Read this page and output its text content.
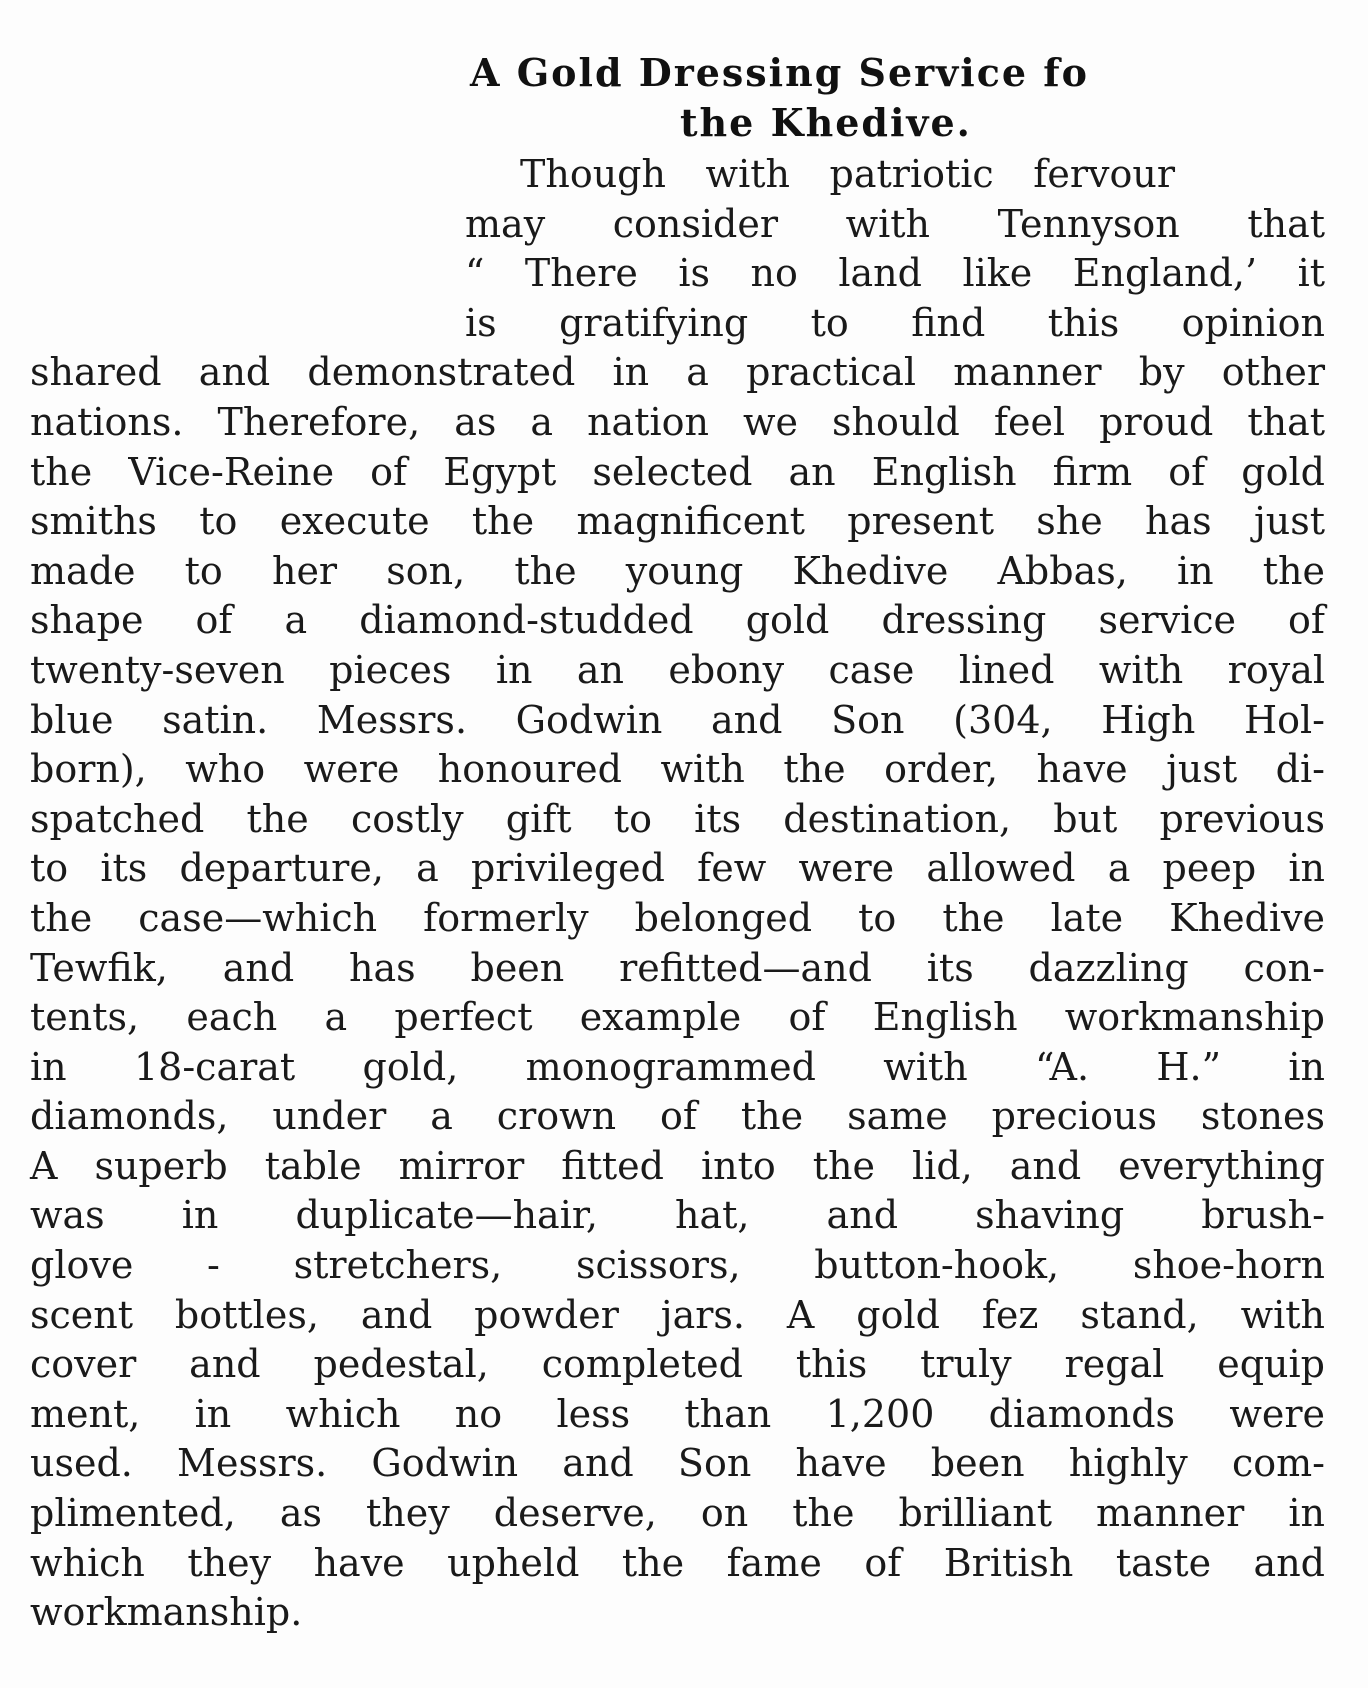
A Gold Dressing Service fo
the Khedive.
Though with patriotic fervour
may consider with Tennyson that
“ There is no land like England,’ it
is gratifying to find this opinion
shared and demonstrated in a practical manner by other
nations. Therefore, as a nation we should feel proud that
the Vice-Reine of Egypt selected an English firm of gold
smiths to execute the magnificent present she has just
made to her son, the young Khedive Abbas, in the
shape of a diamond-studded gold dressing service of
twenty-seven pieces in an ebony case lined with royal
blue satin. Messrs. Godwin and Son (304, High Hol-
born), who were honoured with the order, have just di-
spatched the costly gift to its destination, but previous
to its departure, a privileged few were allowed a peep in
the case—which formerly belonged to the late Khedive
Tewfik, and has been refitted—and its dazzling con-
tents, each a perfect example of English workmanship
in 18-carat gold, monogrammed with “A. H.” in
diamonds, under a crown of the same precious stones
A superb table mirror fitted into the lid, and everything
was in duplicate—hair, hat, and shaving brush-
glove - stretchers, scissors, button-hook, shoe-horn
scent bottles, and powder jars. A gold fez stand, with
cover and pedestal, completed this truly regal equip
ment, in which no less than 1,200 diamonds were
used. Messrs. Godwin and Son have been highly com-
plimented, as they deserve, on the brilliant manner in
which they have upheld the fame of British taste and
workmanship.
